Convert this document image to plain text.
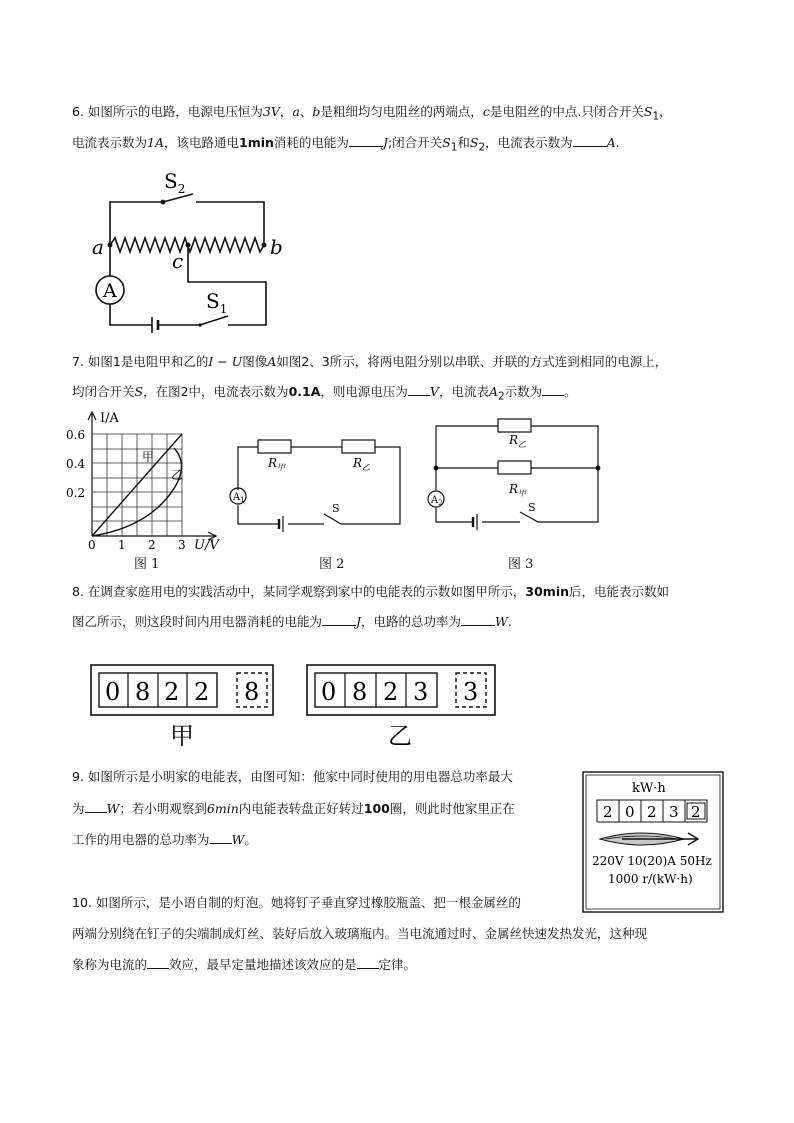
6. 如图所示的电路，电源电压恒为3V，a、b是粗细均匀电阻丝的两端点，c是电阻丝的中点.只闭合开关$S_1$，
电流表示数为1A，该电路通电1min消耗的电能为	J;闭合开关$S_1$和$S_2$，电流表示数为	A.
$S_2$
a	b
c
A	$S_1$
7. 如图1是电阻甲和乙的I − U图像A如图2、3所示，将两电阻分别以串联、并联的方式连到相同的电源上，
均闭合开关S，在图2中，电流表示数为0.1A，则电源电压为 V，电流表$A_2$示数为 。
I/A
0.6
0.4
0.2
0 1 2 3 U/V
甲
乙
$R_甲$	$R_乙$
$A_1$
S
$R_乙$
$R_甲$
$A_2$	S
图 1	图 2	图 3
8. 在调查家庭用电的实践活动中，某同学观察到家中的电能表的示数如图甲所示，30min后，电能表示数如
图乙所示，则这段时间内用电器消耗的电能为	J，电路的总功率为	W.
0 8 2 2 8
甲
0 8 2 3 3
乙
9. 如图所示是小明家的电能表，由图可知：他家中同时使用的用电器总功率最大
为 W；若小明观察到6min内电能表转盘正好转过100圈，则此时他家里正在
工作的用电器的总功率为 W。
kW·h
2 0 2 3 2
220V 10(20)A 50Hz
1000 r/(kW·h)
10. 如图所示，是小语自制的灯泡。她将钉子垂直穿过橡胶瓶盖、把一根金属丝的
两端分别绕在钉子的尖端制成灯丝、装好后放入玻璃瓶内。当电流通过时、金属丝快速发热发光，这种现
象称为电流的 效应，最早定量地描述该效应的是 定律。
